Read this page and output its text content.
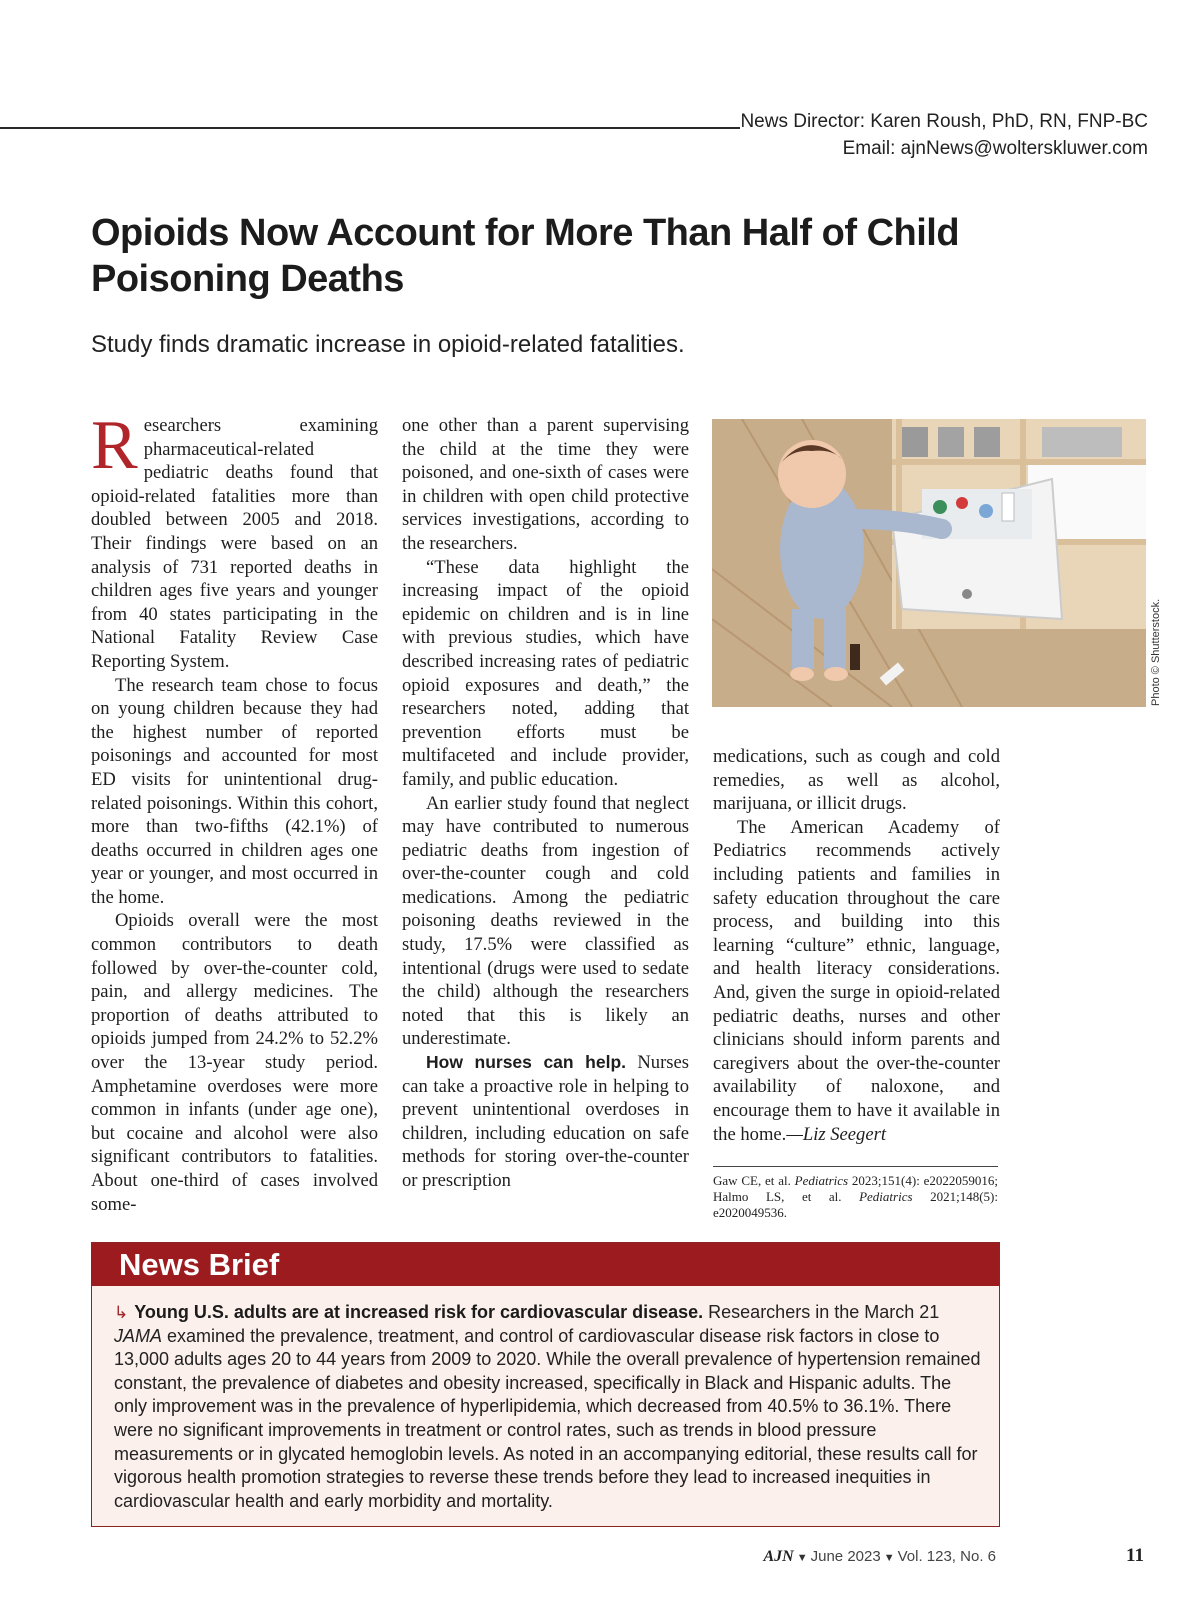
News Director: Karen Roush, PhD, RN, FNP-BC
Email: ajnNews@wolterskluwer.com
Opioids Now Account for More Than Half of Child Poisoning Deaths

Study finds dramatic increase in opioid-related fatalities.

Researchers examining pharmaceutical-related pediatric deaths found that opioid-related fatalities more than doubled between 2005 and 2018. Their findings were based on an analysis of 731 reported deaths in children ages five years and younger from 40 states participating in the National Fatality Review Case Reporting System.

The research team chose to focus on young children because they had the highest number of reported poisonings and accounted for most ED visits for unintentional drug-related poisonings. Within this cohort, more than two-fifths (42.1%) of deaths occurred in children ages one year or younger, and most occurred in the home.

Opioids overall were the most common contributors to death followed by over-the-counter cold, pain, and allergy medicines. The proportion of deaths attributed to opioids jumped from 24.2% to 52.2% over the 13-year study period. Amphetamine overdoses were more common in infants (under age one), but cocaine and alcohol were also significant contributors to fatalities. About one-third of cases involved some-

one other than a parent supervising the child at the time they were poisoned, and one-sixth of cases were in children with open child protective services investigations, according to the researchers.

“These data highlight the increasing impact of the opioid epidemic on children and is in line with previous studies, which have described increasing rates of pediatric opioid exposures and death,” the researchers noted, adding that prevention efforts must be multifaceted and include provider, family, and public education.

An earlier study found that neglect may have contributed to numerous pediatric deaths from ingestion of over-the-counter cough and cold medications. Among the pediatric poisoning deaths reviewed in the study, 17.5% were classified as intentional (drugs were used to sedate the child) although the researchers noted that this is likely an underestimate.

How nurses can help. Nurses can take a proactive role in helping to prevent unintentional overdoses in children, including education on safe methods for storing over-the-counter or prescription

Photo © Shutterstock.

medications, such as cough and cold remedies, as well as alcohol, marijuana, or illicit drugs.

The American Academy of Pediatrics recommends actively including patients and families in safety education throughout the care process, and building into this learning “culture” ethnic, language, and health literacy considerations. And, given the surge in opioid-related pediatric deaths, nurses and other clinicians should inform parents and caregivers about the over-the-counter availability of naloxone, and encourage them to have it available in the home.—Liz Seegert

Gaw CE, et al. Pediatrics 2023;151(4): e2022059016; Halmo LS, et al. Pediatrics 2021;148(5): e2020049536.
News Brief
↳ Young U.S. adults are at increased risk for cardiovascular disease. Researchers in the March 21 JAMA examined the prevalence, treatment, and control of cardiovascular disease risk factors in close to 13,000 adults ages 20 to 44 years from 2009 to 2020. While the overall prevalence of hypertension remained constant, the prevalence of diabetes and obesity increased, specifically in Black and Hispanic adults. The only improvement was in the prevalence of hyperlipidemia, which decreased from 40.5% to 36.1%. There were no significant improvements in treatment or control rates, such as trends in blood pressure measurements or in glycated hemoglobin levels. As noted in an accompanying editorial, these results call for vigorous health promotion strategies to reverse these trends before they lead to increased inequities in cardiovascular health and early morbidity and mortality.
AJN ▼ June 2023 ▼ Vol. 123, No. 6	11
